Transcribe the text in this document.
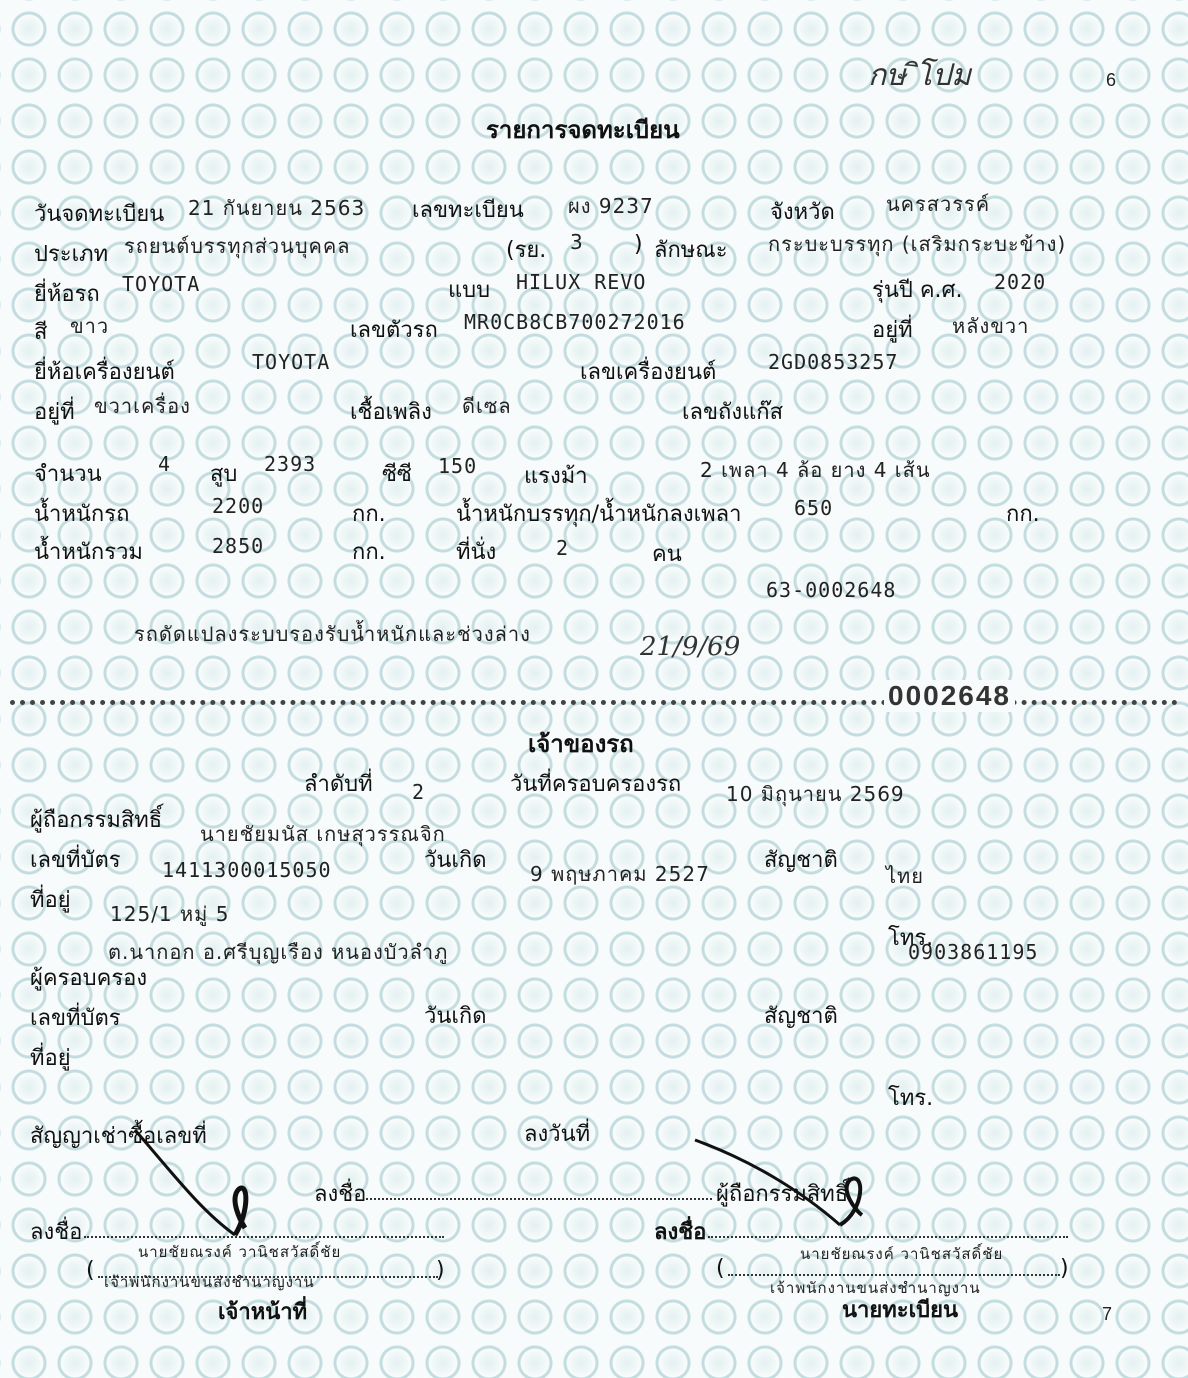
กษ ิโปม	6
รายการจดทะเบียน
วันจดทะเบียน 21 กันยายน 2563 เลขทะเบียน ผง 9237	จังหวัด	นครสวรรค์
ประเภท รถยนต์บรรทุกส่วนบุคคล	(รย. 3 ) ลักษณะ กระบะบรรทุก (เสริมกระบะข้าง)
ยี่ห้อรถ TOYOTA	แบบ HILUX REVO	รุ่นปี ค.ศ. 2020
สี ขาว	เลขตัวรถ MR0CB8CB700272016	อยู่ที่ หลังขวา
ยี่ห้อเครื่องยนต์	TOYOTA	เลขเครื่องยนต์	2GD0853257
อยู่ที่ ขวาเครื่อง	เชื้อเพลิง ดีเซล	เลขถังแก๊ส
จำนวน	4 สูบ 2393	ซีซี 150 แรงม้า	2 เพลา 4 ล้อ ยาง 4 เส้น
น้ำหนักรถ	2200	กก.	น้ำหนักบรรทุก/น้ำหนักลงเพลา	650	กก.
น้ำหนักรวม	2850	กก.	ที่นั่ง	2	คน
63-0002648
รถดัดแปลงระบบรองรับน้ำหนักและช่วงล่าง	21/9/69
0002648
เจ้าของรถ
ลำดับที่ 2	วันที่ครอบครองรถ 10 มิถุนายน 2569
ผู้ถือกรรมสิทธิ์
นายชัยมนัส เกษสุวรรณจิก
เลขที่บัตร 1411300015050	วันเกิด
9 พฤษภาคม 2527
สัญชาติ
ไทย
ที่อยู่
125/1 หมู่ 5
ต.นากอก อ.ศรีบุญเรือง หนองบัวลำภู
โทร.
0903861195
ผู้ครอบครอง
เลขที่บัตร	วันเกิด	สัญชาติ
ที่อยู่
โทร.
สัญญาเช่าซื้อเลขที่	ลงวันที่
ลงชื่อ	ผู้ถือกรรมสิทธิ์
ลงชื่อ
นายชัยณรงค์ วานิชสวัสดิ์ชัย
(	)
เจ้าพนักงานขนส่งชำนาญงาน
เจ้าหน้าที่
ลงชื่อ
นายชัยณรงค์ วานิชสวัสดิ์ชัย
(	)
เจ้าพนักงานขนส่งชำนาญงาน
นายทะเบียน	7
